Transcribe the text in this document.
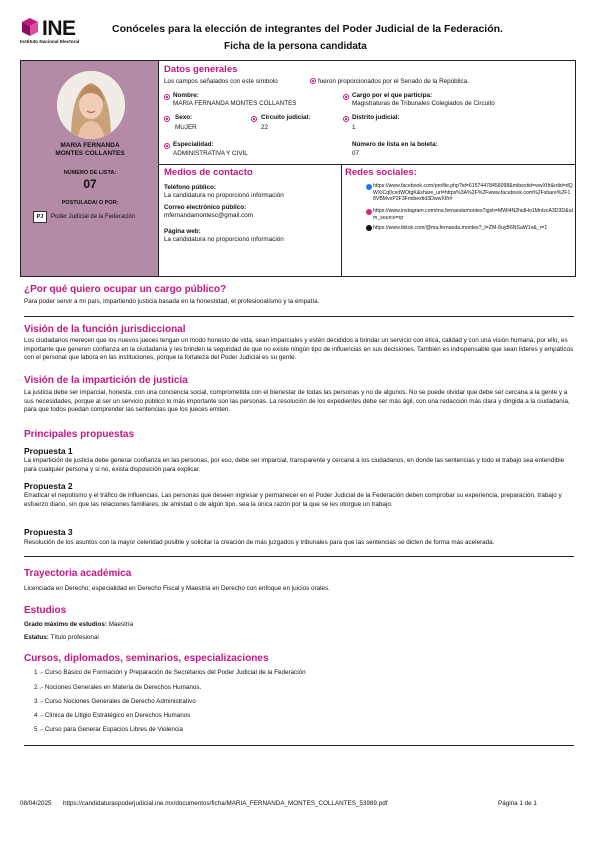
INE
Instituto Nacional Electoral
Conóceles para la elección de integrantes del Poder Judicial de la Federación.
Ficha de la persona candidata
MARIA FERNANDA
MONTES COLLANTES
NÚMERO DE LISTA:
07
POSTULADA/ O POR:
PJ	Poder Judicial de la Federación
Datos generales
Los campos señalados con este símbolo	fueron proporcionados por el Senado de la República.
Nombre:
MARIA FERNANDA MONTES COLLANTES
Cargo por el que participa:
Magistraturas de Tribunales Colegiados de Circuito
Sexo:
MUJER
Circuito judicial:
22
Distrito judicial:
1
Especialidad:
ADMINISTRATIVA Y CIVIL
Número de lista en la boleta:
07
Medios de contacto
Teléfono público:
La candidatura no proporcionó información
Correo electrónico público:
mfernandamontesc@gmail.com
Página web:
La candidatura no proporcionó información
Redes sociales:
https://www.facebook.com/profile.php?id=61574478456098&mibextid=wwXIfr&rdid=dQWXiCq0cxdWOtgK&share_url=https%3A%2F%2Fwww.facebook.com%2Fshare%2F18VBMvxP2F3Fmibextid3DwwXIfr#
https://www.instagram.com/ma.fernandamontes?igsh=MWI4N2hidHo1MnIscA3D3D&utm_source=qr
https://www.tiktok.com/@ma.fernanda.montes?_t=ZM-8uyB6NSaW1v&_r=1
¿Por qué quiero ocupar un cargo público?
Para poder servir a mi país, impartiendo justicia basada en la honestidad, el profesionalismo y la empatía.
Visión de la función jurisdiccional
Los ciudadanos merecen que los nuevos jueces tengan un modo honesto de vida, sean imparciales y estén decididos a brindar un servicio con ética, calidad y con una visión humana, por ello, es importante que generen confianza en la ciudadanía y les brinden la seguridad de que no existe ningún tipo de influencias en sus decisiones. También es indispensable que sean líderes y empáticos con el personal que labora en las instituciones, porque la fortaleza del Poder Judicial es su gente.
Visión de la impartición de justicia
La justicia debe ser imparcial, honesta, con una conciencia social, comprometida con el bienestar de todas las personas y no de algunos. No se puede olvidar que debe ser cercana a la gente y a sus necesidades, porque al ser un servicio público lo más importante son las personas. La resolución de los expedientes debe ser más ágil, con una redacción más clara y dirigida a la ciudadanía, para que todos puedan comprender las sentencias que los jueces emiten.
Principales propuestas
Propuesta 1
La impartición de justicia debe generar confianza en las personas, por eso, debe ser imparcial, transparente y cercana a los ciudadanos, en donde las sentencias y todo el trabajo sea entendible para cualquier persona y si no, exista disposición para explicar.
Propuesta 2
Erradicar el nepotismo y el tráfico de influencias. Las personas que deseen ingresar y permanecer en el Poder Judicial de la Federación deben comprobar su experiencia, preparación, trabajo y esfuerzo diario, sin que las relaciones familiares, de amistad o de algún tipo, sea la única razón por la que se les otorgue un trabajo.
Propuesta 3
Resolución de los asuntos con la mayor celeridad posible y solicitar la creación de más juzgados y tribunales para que las sentencias se dicten de forma más acelerada.
Trayectoria académica
Licenciada en Derecho; especialidad en Derecho Fiscal y Maestría en Derecho con enfoque en juicios orales.
Estudios
Grado máximo de estudios: Maestría
Estatus: Título profesional
Cursos, diplomados, seminarios, especializaciones
1 .- Curso Básico de Formación y Preparación de Secretarios del Poder Judicial de la Federación
2 .- Nociones Generales en Materia de Derechos Humanos.
3 .- Curso Nociones Generales de Derecho Administrativo
4 .- Clínica de Litigio Estratégico en Derechos Humanos
5 .- Curso para Generar Espacios Libres de Violencia
08/04/2025 https://candidaturaspoderjudicial.ine.mx/documentos/ficha/MARIA_FERNANDA_MONTES_COLLANTES_53989.pdf	Página 1 de 1
